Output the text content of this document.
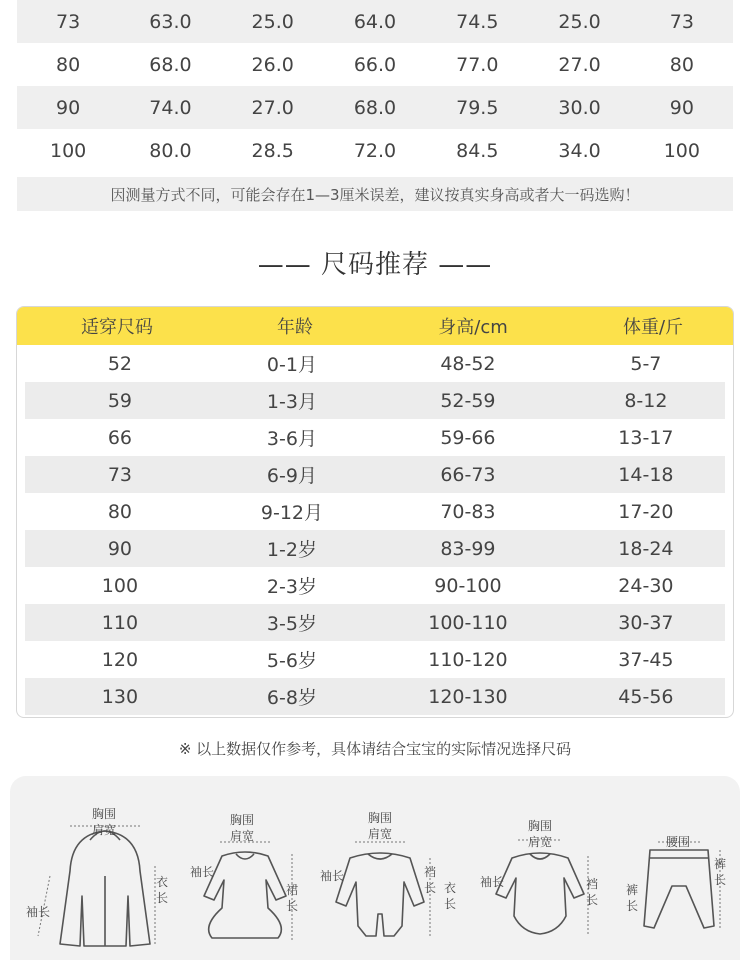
73	63.0	25.0	64.0	74.5	25.0	73
80	68.0	26.0	66.0	77.0	27.0	80
90	74.0	27.0	68.0	79.5	30.0	90
100	80.0	28.5	72.0	84.5	34.0	100
因测量方式不同，可能会存在1—3厘米误差，建议按真实身高或者大一码选购！
—— 尺码推荐 ——
适穿尺码	年龄	身高/cm	体重/斤
52	0-1月	48-52	5-7
59	1-3月	52-59	8-12
66	3-6月	59-66	13-17
73	6-9月	66-73	14-18
80	9-12月	70-83	17-20
90	1-2岁	83-99	18-24
100	2-3岁	90-100	24-30
110	3-5岁	100-110	30-37
120	5-6岁	110-120	37-45
130	6-8岁	120-130	45-56
※ 以上数据仅作参考，具体请结合宝宝的实际情况选择尺码
胸围
肩宽
袖长
衣
长
胸围
肩宽
袖长
裙
长
胸围
肩宽
袖长	裆
长 衣
长
胸围
肩宽
袖长	裆
长
腰围
裤
长
裤
长
